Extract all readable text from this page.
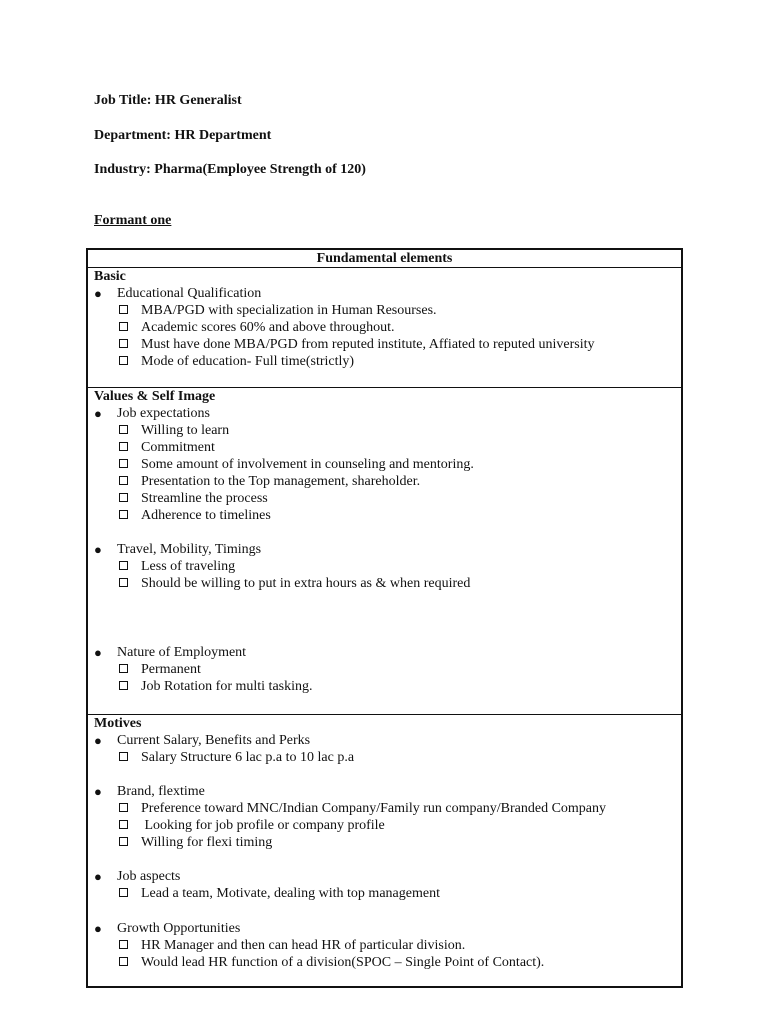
Job Title: HR Generalist
Department: HR Department
Industry: Pharma(Employee Strength of 120)
Formant one
Fundamental elements
Basic
● Educational Qualification
MBA/PGD with specialization in Human Resourses.
Academic scores 60% and above throughout.
Must have done MBA/PGD from reputed institute, Affiated to reputed university
Mode of education- Full time(strictly)
Values & Self Image
● Job expectations
Willing to learn
Commitment
Some amount of involvement in counseling and mentoring.
Presentation to the Top management, shareholder.
Streamline the process
Adherence to timelines
● Travel, Mobility, Timings
Less of traveling
Should be willing to put in extra hours as & when required
● Nature of Employment
Permanent
Job Rotation for multi tasking.
Motives
● Current Salary, Benefits and Perks
Salary Structure 6 lac p.a to 10 lac p.a
● Brand, flextime
Preference toward MNC/Indian Company/Family run company/Branded Company
Looking for job profile or company profile
Willing for flexi timing
● Job aspects
Lead a team, Motivate, dealing with top management
● Growth Opportunities
HR Manager and then can head HR of particular division.
Would lead HR function of a division(SPOC – Single Point of Contact).
